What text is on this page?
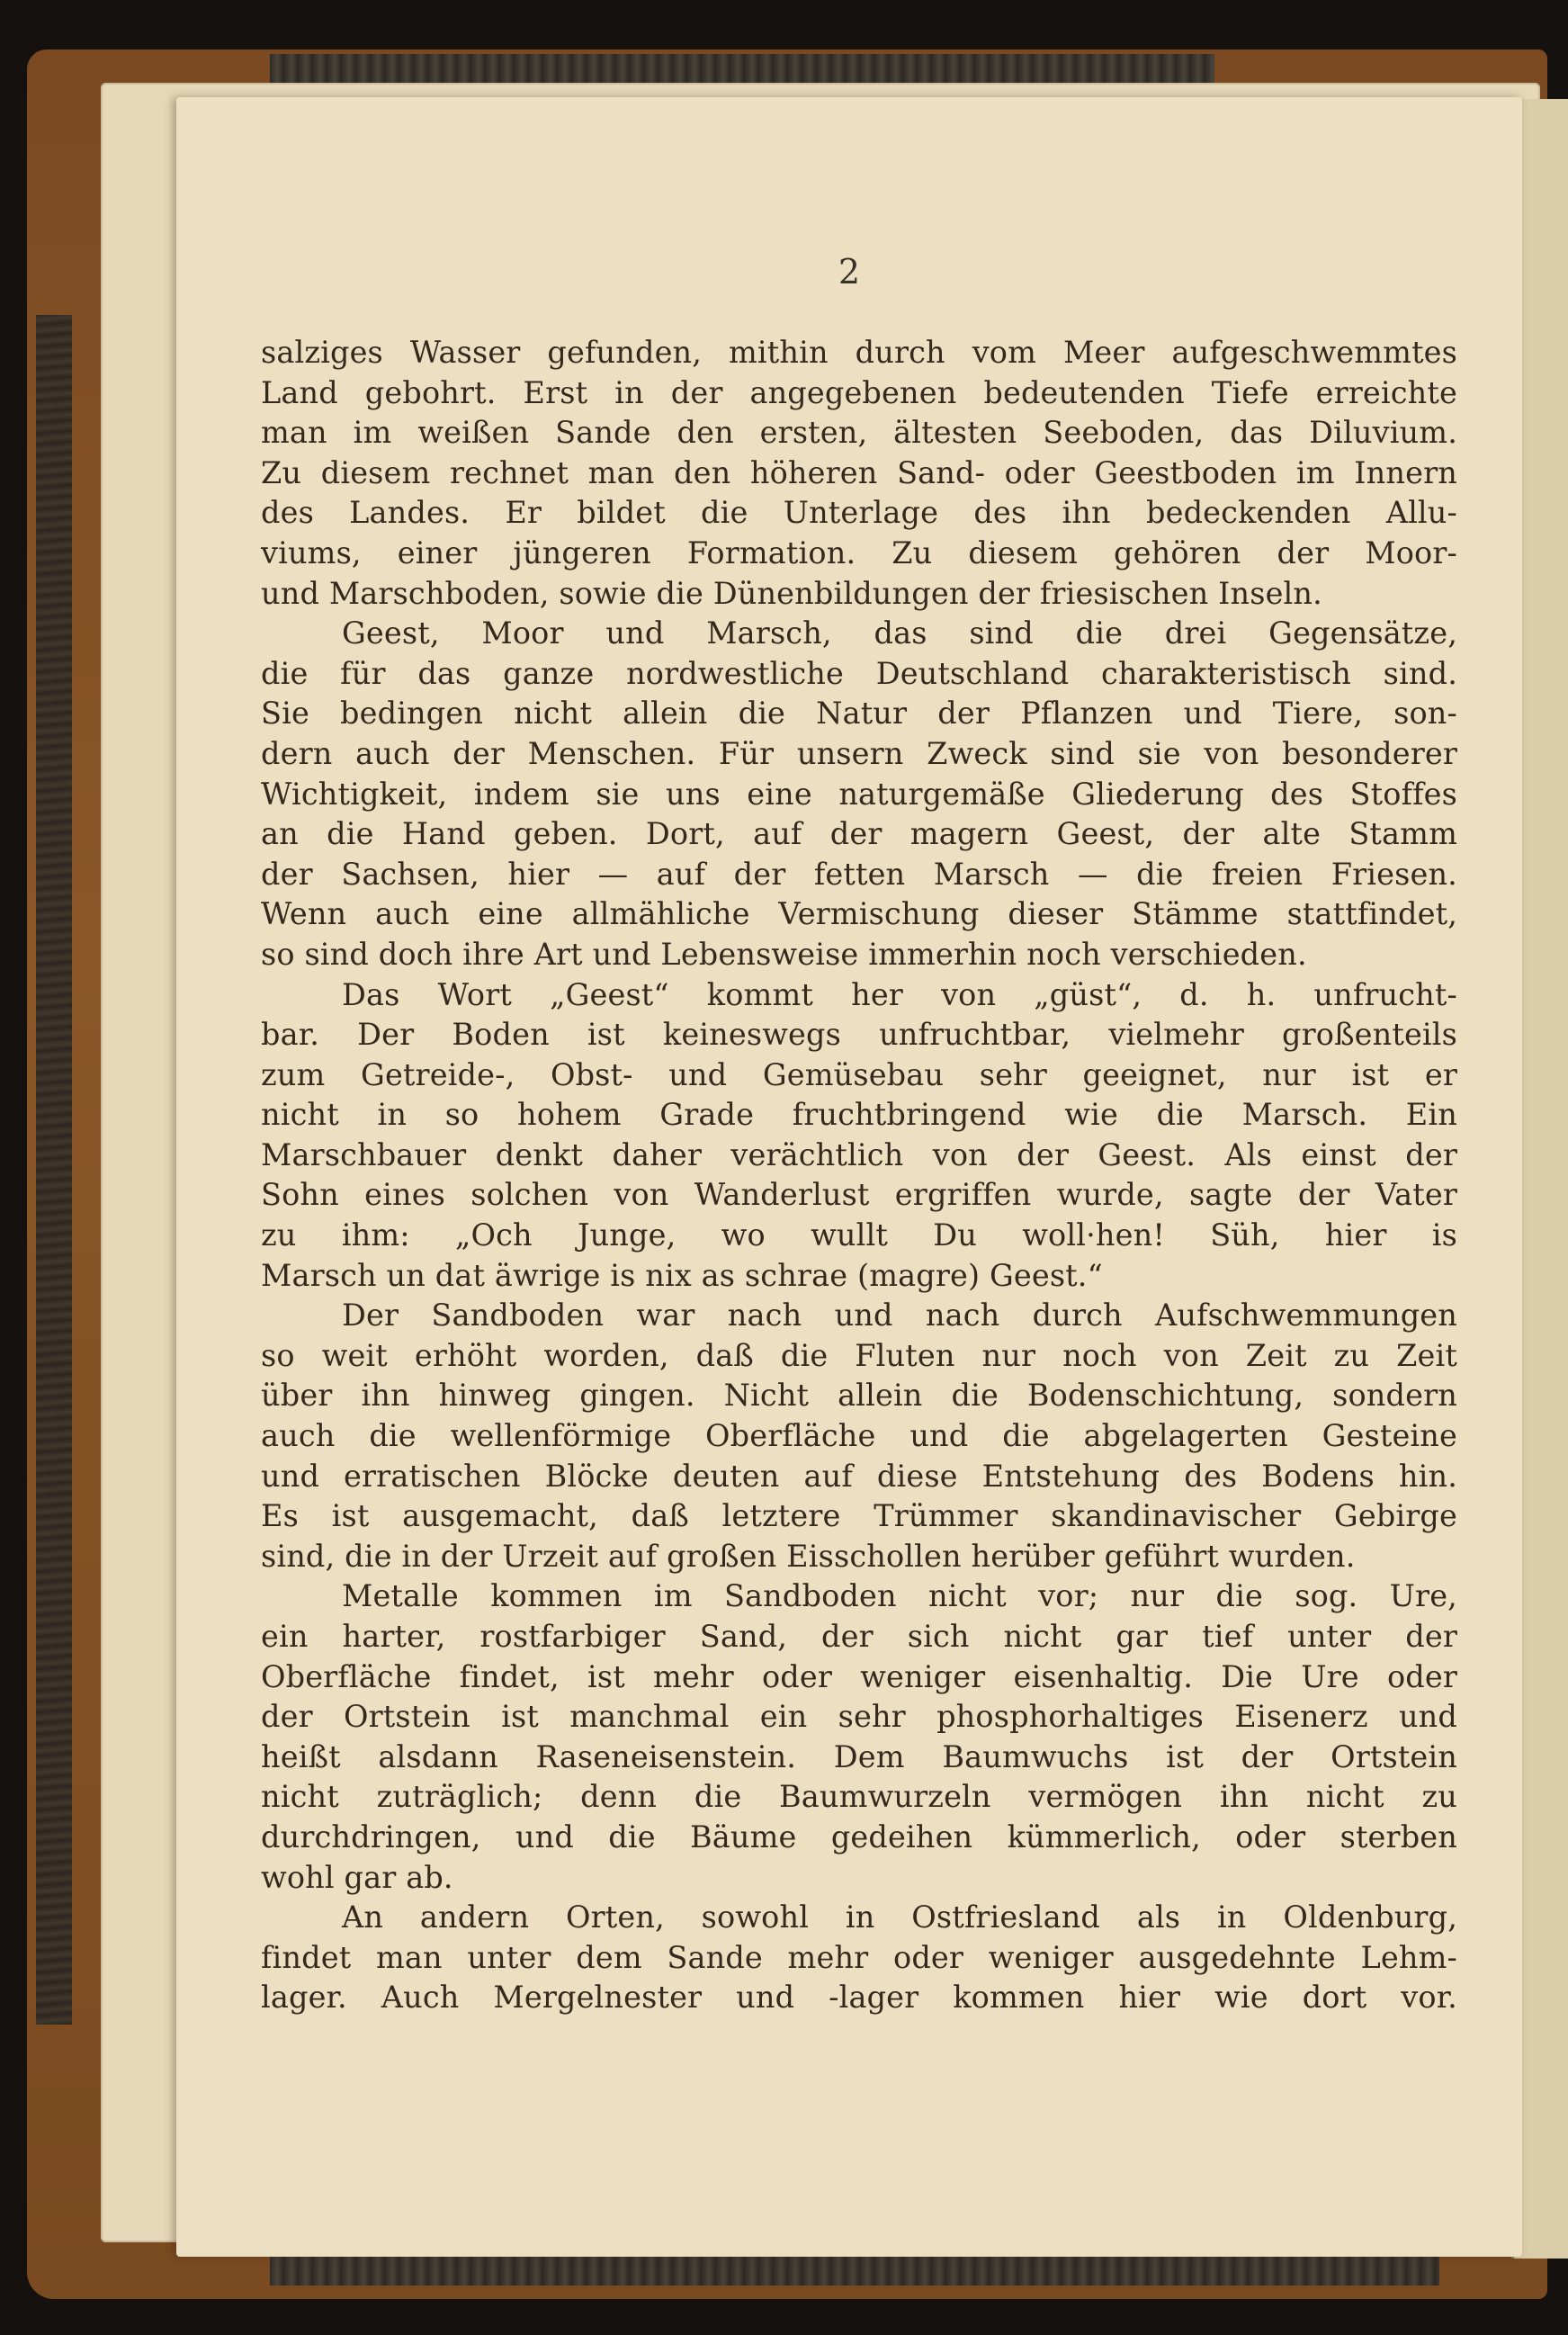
2
salziges Wasser gefunden, mithin durch vom Meer aufgeschwemmtes
Land gebohrt. Erst in der angegebenen bedeutenden Tiefe erreichte
man im weißen Sande den ersten, ältesten Seeboden, das Diluvium.
Zu diesem rechnet man den höheren Sand- oder Geestboden im Innern
des Landes. Er bildet die Unterlage des ihn bedeckenden Allu-
viums, einer jüngeren Formation. Zu diesem gehören der Moor-
und Marschboden, sowie die Dünenbildungen der friesischen Inseln.
Geest, Moor und Marsch, das sind die drei Gegensätze,
die für das ganze nordwestliche Deutschland charakteristisch sind.
Sie bedingen nicht allein die Natur der Pflanzen und Tiere, son-
dern auch der Menschen. Für unsern Zweck sind sie von besonderer
Wichtigkeit, indem sie uns eine naturgemäße Gliederung des Stoffes
an die Hand geben. Dort, auf der magern Geest, der alte Stamm
der Sachsen, hier — auf der fetten Marsch — die freien Friesen.
Wenn auch eine allmähliche Vermischung dieser Stämme stattfindet,
so sind doch ihre Art und Lebensweise immerhin noch verschieden.
Das Wort „Geest“ kommt her von „güst“, d. h. unfrucht-
bar. Der Boden ist keineswegs unfruchtbar, vielmehr großenteils
zum Getreide-, Obst- und Gemüsebau sehr geeignet, nur ist er
nicht in so hohem Grade fruchtbringend wie die Marsch. Ein
Marschbauer denkt daher verächtlich von der Geest. Als einst der
Sohn eines solchen von Wanderlust ergriffen wurde, sagte der Vater
zu ihm: „Och Junge, wo wullt Du woll·hen! Süh, hier is
Marsch un dat äwrige is nix as schrae (magre) Geest.“
Der Sandboden war nach und nach durch Aufschwemmungen
so weit erhöht worden, daß die Fluten nur noch von Zeit zu Zeit
über ihn hinweg gingen. Nicht allein die Bodenschichtung, sondern
auch die wellenförmige Oberfläche und die abgelagerten Gesteine
und erratischen Blöcke deuten auf diese Entstehung des Bodens hin.
Es ist ausgemacht, daß letztere Trümmer skandinavischer Gebirge
sind, die in der Urzeit auf großen Eisschollen herüber geführt wurden.
Metalle kommen im Sandboden nicht vor; nur die sog. Ure,
ein harter, rostfarbiger Sand, der sich nicht gar tief unter der
Oberfläche findet, ist mehr oder weniger eisenhaltig. Die Ure oder
der Ortstein ist manchmal ein sehr phosphorhaltiges Eisenerz und
heißt alsdann Raseneisenstein. Dem Baumwuchs ist der Ortstein
nicht zuträglich; denn die Baumwurzeln vermögen ihn nicht zu
durchdringen, und die Bäume gedeihen kümmerlich, oder sterben
wohl gar ab.
An andern Orten, sowohl in Ostfriesland als in Oldenburg,
findet man unter dem Sande mehr oder weniger ausgedehnte Lehm-
lager. Auch Mergelnester und -lager kommen hier wie dort vor.
